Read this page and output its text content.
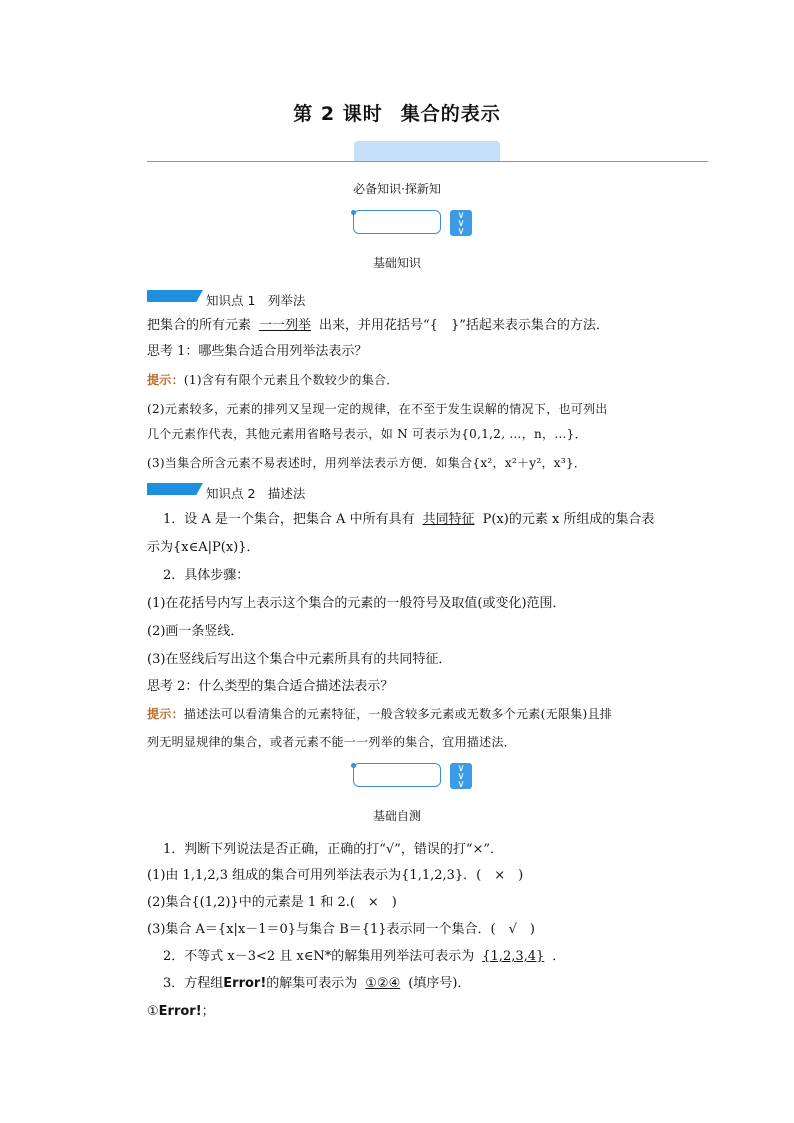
第 2 课时 集合的表示
必备知识·探新知
∨
∨
∨
基础知识
知识点 1　列举法
把集合的所有元素 一一列举 出来，并用花括号“{　}”括起来表示集合的方法．
思考 1：哪些集合适合用列举法表示？
提示：(1)含有有限个元素且个数较少的集合．
(2)元素较多，元素的排列又呈现一定的规律，在不至于发生误解的情况下，也可列出
几个元素作代表，其他元素用省略号表示，如 N 可表示为{0,1,2, …，n，…}．
(3)当集合所含元素不易表述时，用列举法表示方便．如集合{x²，x²＋y²，x³}．
知识点 2　描述法
1．设 A 是一个集合，把集合 A 中所有具有 共同特征 P(x)的元素 x 所组成的集合表
示为{x∈A|P(x)}．
2．具体步骤：
(1)在花括号内写上表示这个集合的元素的一般符号及取值(或变化)范围．
(2)画一条竖线．
(3)在竖线后写出这个集合中元素所具有的共同特征．
思考 2：什么类型的集合适合描述法表示？
提示：描述法可以看清集合的元素特征，一般含较多元素或无数多个元素(无限集)且排
列无明显规律的集合，或者元素不能一一列举的集合，宜用描述法．
∨
∨
∨
基础自测
1．判断下列说法是否正确，正确的打“√”，错误的打“×”．
(1)由 1,1,2,3 组成的集合可用列举法表示为{1,1,2,3}．(　×　)
(2)集合{(1,2)}中的元素是 1 和 2.(　×　)
(3)集合 A＝{x|x－1＝0}与集合 B＝{1}表示同一个集合．(　√　)
2．不等式 x－3<2 且 x∈N*的解集用列举法可表示为 {1,2,3,4} ．
3．方程组Error!的解集可表示为 ①②④ (填序号)．
①Error!；
